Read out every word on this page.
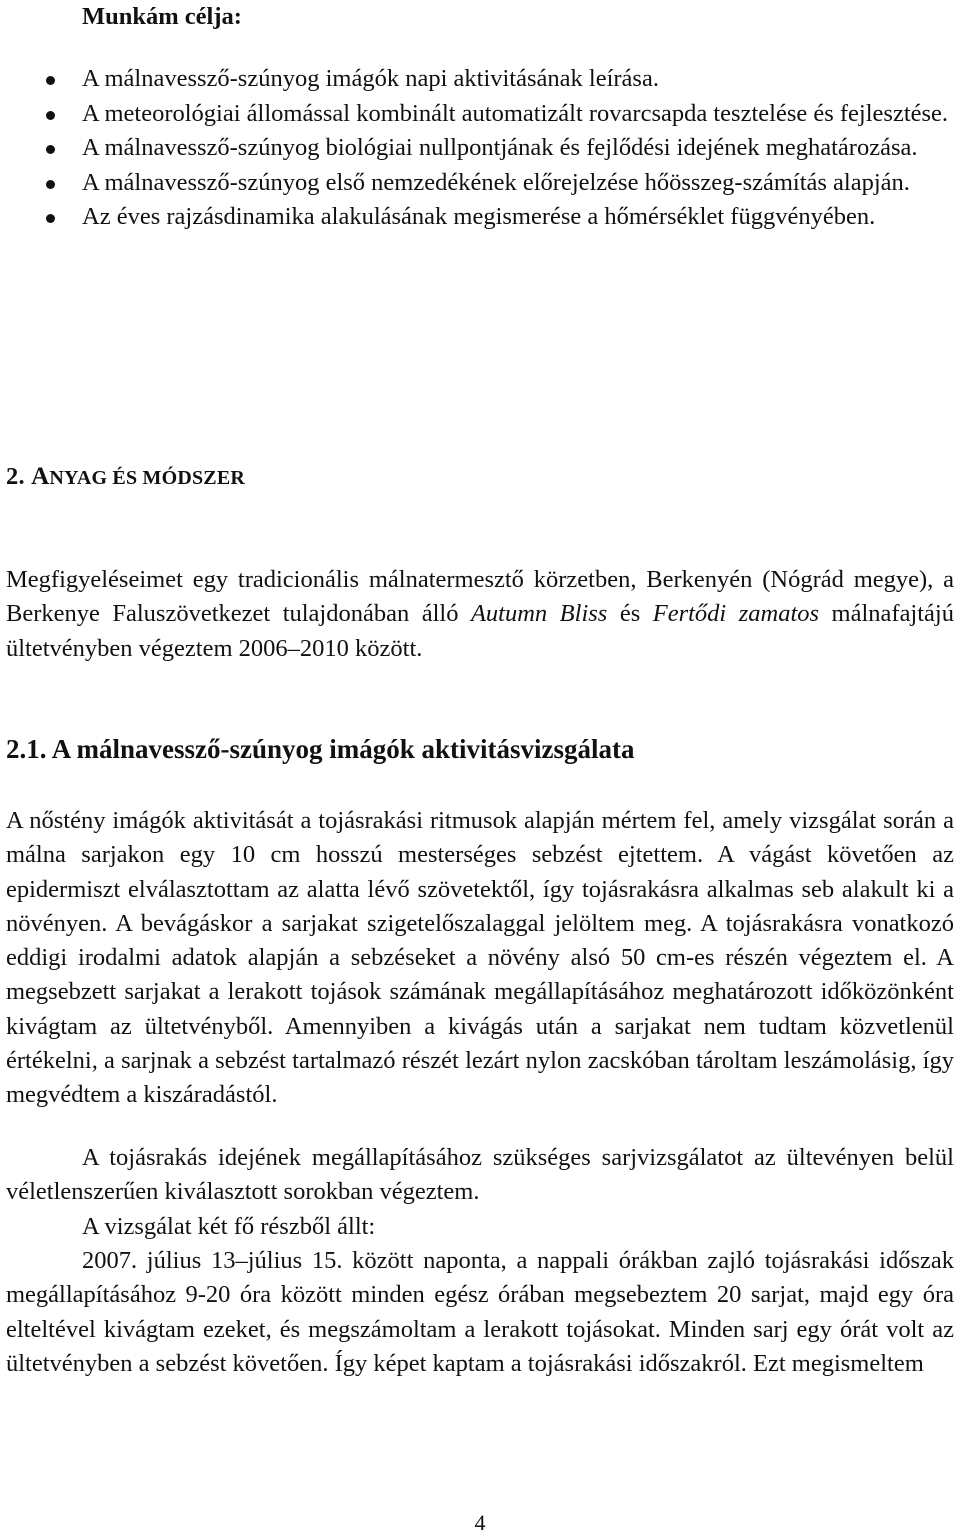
Munkám célja:
A málnavessző-szúnyog imágók napi aktivitásának leírása.
A meteorológiai állomással kombinált automatizált rovarcsapda tesztelése és fejlesztése.
A málnavessző-szúnyog biológiai nullpontjának és fejlődési idejének meghatározása.
A málnavessző-szúnyog első nemzedékének előrejelzése hőösszeg-számítás alapján.
Az éves rajzásdinamika alakulásának megismerése a hőmérséklet függvényében.
2. ANYAG ÉS MÓDSZER

Megfigyeléseimet egy tradicionális málnatermesztő körzetben, Berkenyén (Nógrád megye), a Berkenye Faluszövetkezet tulajdonában álló Autumn Bliss és Fertődi zamatos málnafajtájú ültetvényben végeztem 2006–2010 között.

2.1. A málnavessző-szúnyog imágók aktivitásvizsgálata

A nőstény imágók aktivitását a tojásrakási ritmusok alapján mértem fel, amely vizsgálat során a málna sarjakon egy 10 cm hosszú mesterséges sebzést ejtettem. A vágást követően az epidermiszt elválasztottam az alatta lévő szövetektől, így tojásrakásra alkalmas seb alakult ki a növényen. A bevágáskor a sarjakat szigetelőszalaggal jelöltem meg. A tojásrakásra vonatkozó eddigi irodalmi adatok alapján a sebzéseket a növény alsó 50 cm-es részén végeztem el. A megsebzett sarjakat a lerakott tojások számának megállapításához meghatározott időközönként kivágtam az ültetvényből. Amennyiben a kivágás után a sarjakat nem tudtam közvetlenül értékelni, a sarjnak a sebzést tartalmazó részét lezárt nylon zacskóban tároltam leszámolásig, így megvédtem a kiszáradástól.

A tojásrakás idejének megállapításához szükséges sarjvizsgálatot az ültevényen belül véletlenszerűen kiválasztott sorokban végeztem.

A vizsgálat két fő részből állt:

2007. július 13–július 15. között naponta, a nappali órákban zajló tojásrakási időszak megállapításához 9-20 óra között minden egész órában megsebeztem 20 sarjat, majd egy óra elteltével kivágtam ezeket, és megszámoltam a lerakott tojásokat. Minden sarj egy órát volt az ültetvényben a sebzést követően. Így képet kaptam a tojásrakási időszakról. Ezt megismeltem

4
